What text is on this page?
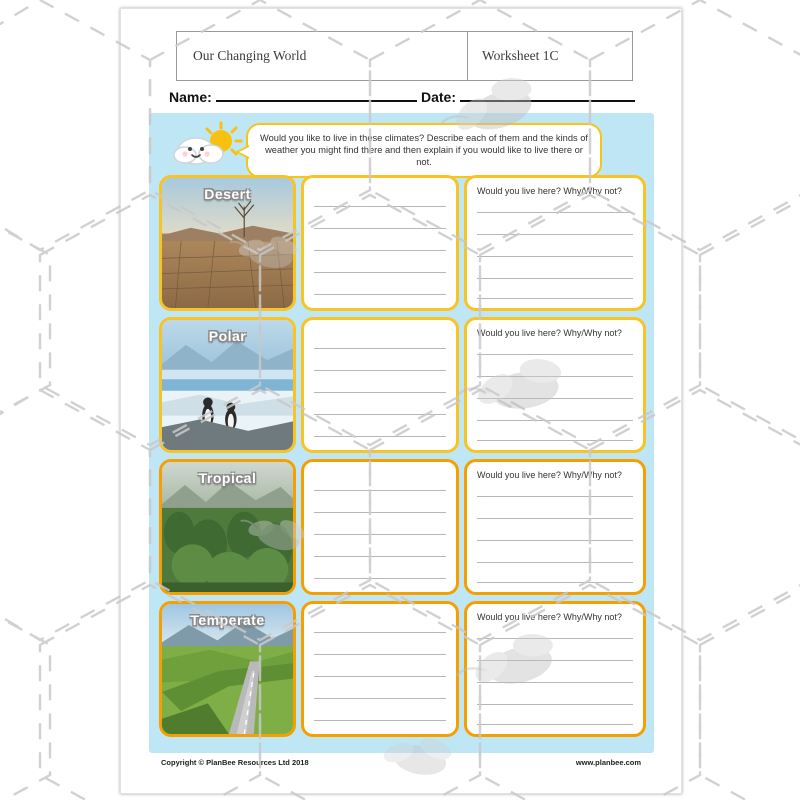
Our Changing World	Worksheet 1C
Name:	Date:
Would you like to live in these climates? Describe each of them and the kinds of weather you might find there and then explain if you would like to live there or not.
Desert	Would you live here? Why/Why not?
Polar	Would you live here? Why/Why not?
Tropical	Would you live here? Why/Why not?
Temperate	Would you live here? Why/Why not?
Copyright © PlanBee Resources Ltd 2018	www.planbee.com
